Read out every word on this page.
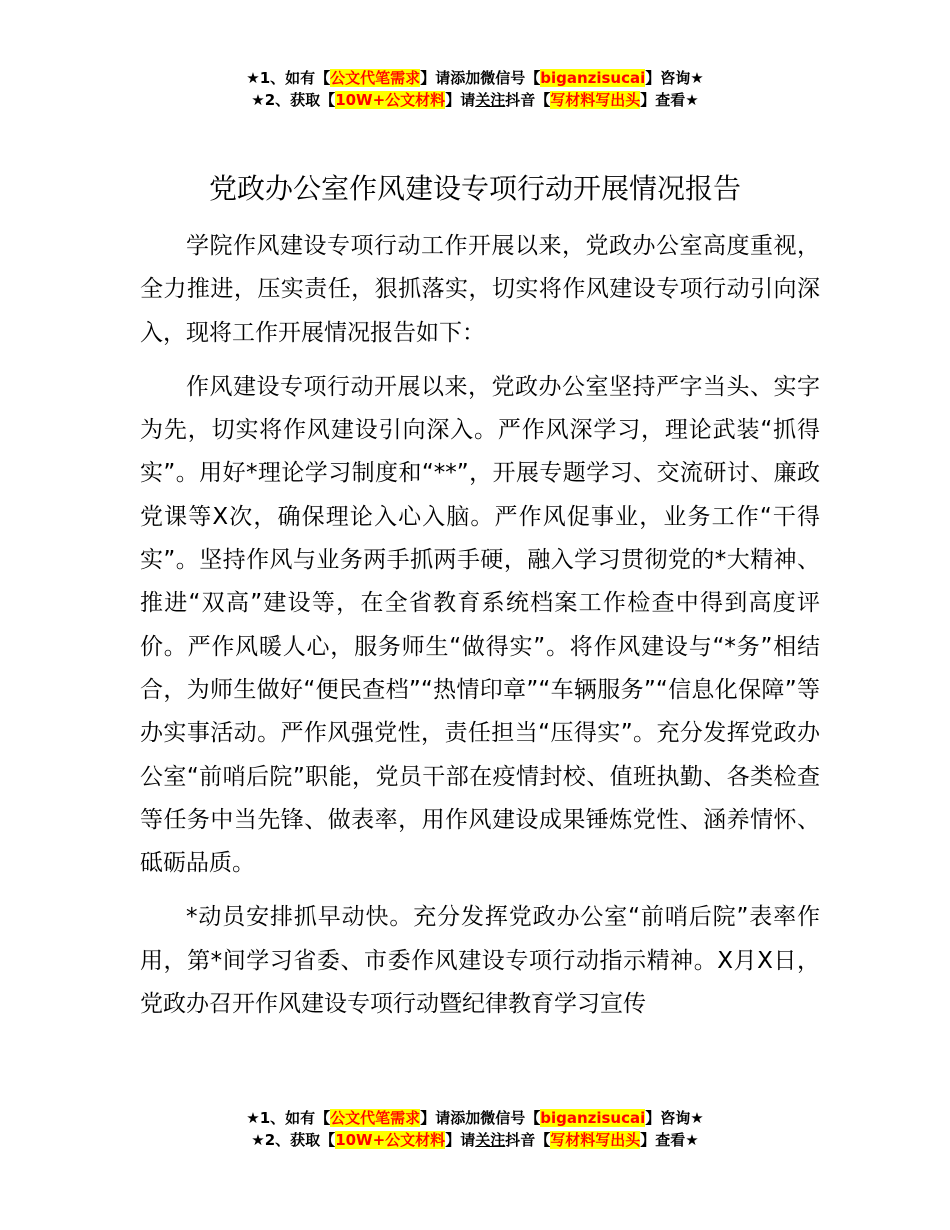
★1、如有【公文代笔需求】请添加微信号【biganzisucai】咨询★
★2、获取【10W+公文材料】请关注抖音【写材料写出头】查看★
党政办公室作风建设专项行动开展情况报告

学院作风建设专项行动工作开展以来，党政办公室高度重视，全力推进，压实责任，狠抓落实，切实将作风建设专项行动引向深入，现将工作开展情况报告如下：

作风建设专项行动开展以来，党政办公室坚持严字当头、实字为先，切实将作风建设引向深入。严作风深学习，理论武装“抓得实”。用好*理论学习制度和“**”，开展专题学习、交流研讨、廉政党课等X次，确保理论入心入脑。严作风促事业，业务工作“干得实”。坚持作风与业务两手抓两手硬，融入学习贯彻党的*大精神、推进“双高”建设等，在全省教育系统档案工作检查中得到高度评价。严作风暖人心，服务师生“做得实”。将作风建设与“*务”相结合，为师生做好“便民查档”“热情印章”“车辆服务”“信息化保障”等办实事活动。严作风强党性，责任担当“压得实”。充分发挥党政办公室“前哨后院”职能，党员干部在疫情封校、值班执勤、各类检查等任务中当先锋、做表率，用作风建设成果锤炼党性、涵养情怀、砥砺品质。

*动员安排抓早动快。充分发挥党政办公室“前哨后院”表率作用，第*间学习省委、市委作风建设专项行动指示精神。X月X日，党政办召开作风建设专项行动暨纪律教育学习宣传

★1、如有【公文代笔需求】请添加微信号【biganzisucai】咨询★
★2、获取【10W+公文材料】请关注抖音【写材料写出头】查看★
